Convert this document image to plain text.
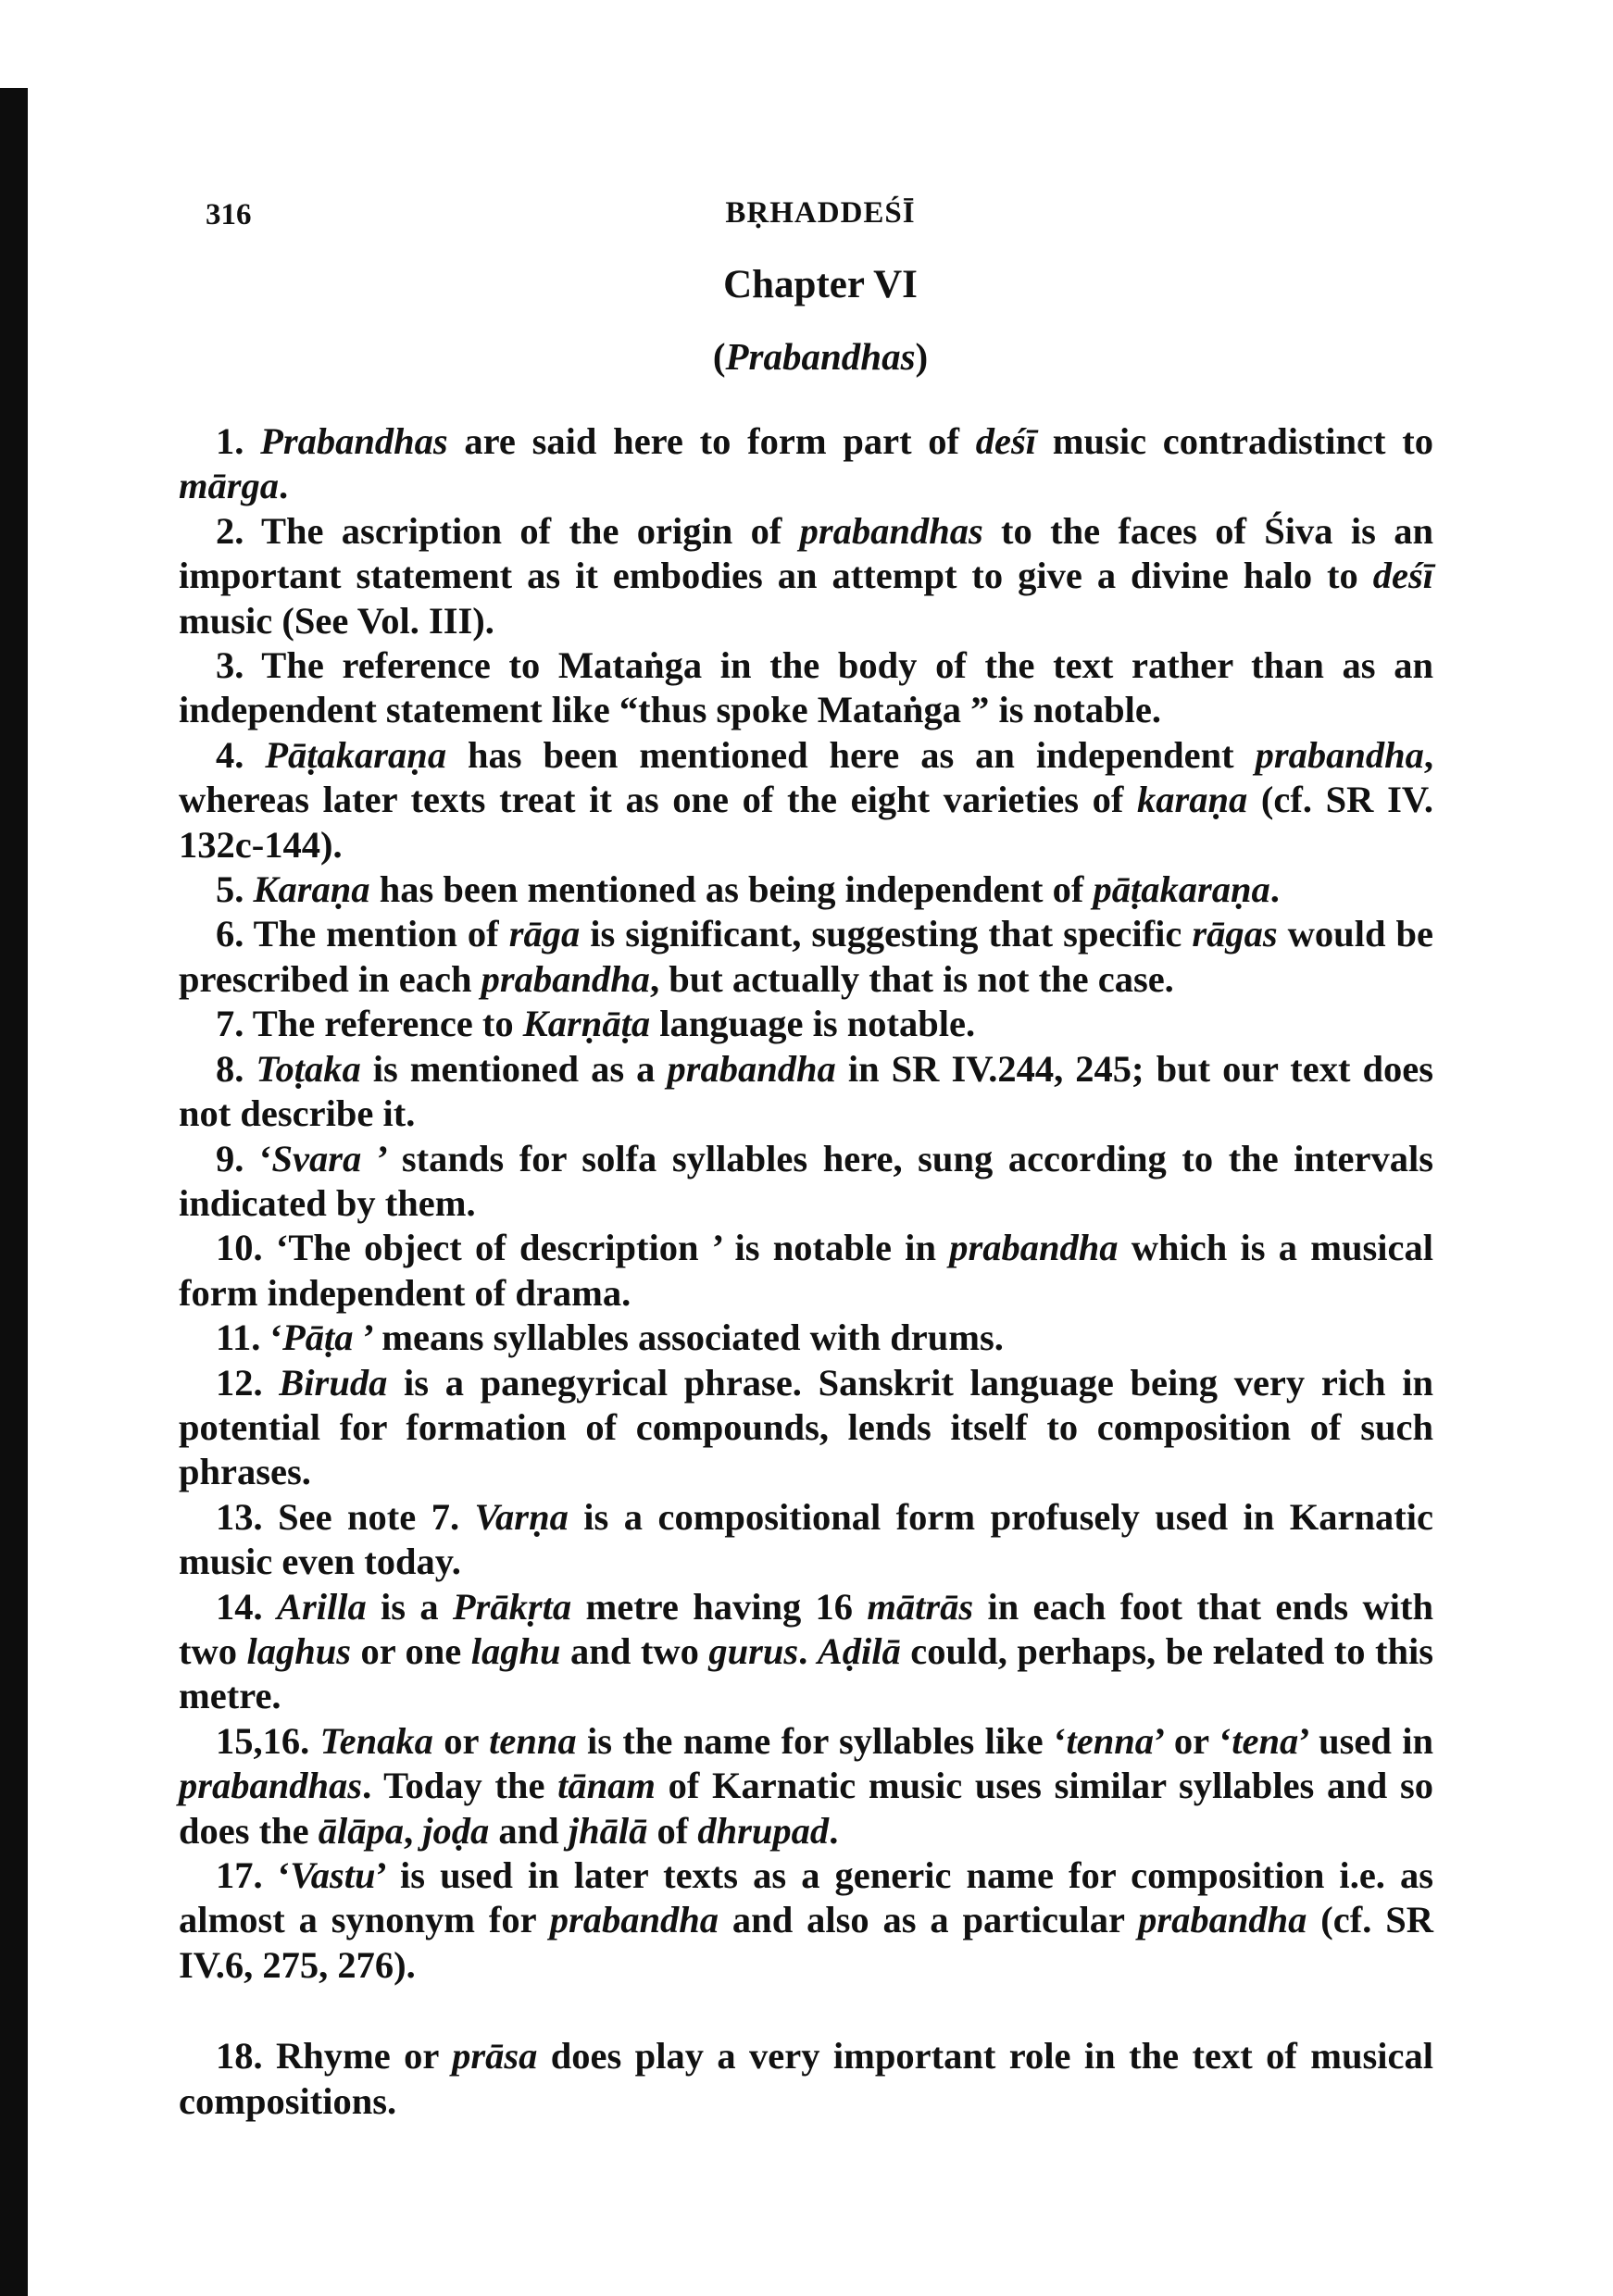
316	BṚHADDEŚĪ
Chapter VI
(Prabandhas)

1. Prabandhas are said here to form part of deśī music contradistinct to mārga.

2. The ascription of the origin of prabandhas to the faces of Śiva is an important statement as it embodies an attempt to give a divine halo to deśī music (See Vol. III).

3. The reference to Mataṅga in the body of the text rather than as an independent statement like “thus spoke Mataṅga ” is notable.

4. Pāṭakaraṇa has been mentioned here as an independent prabandha, whereas later texts treat it as one of the eight varieties of karaṇa (cf. SR IV. 132c-144).

5. Karaṇa has been mentioned as being independent of pāṭakaraṇa.

6. The mention of rāga is significant, suggesting that specific rāgas would be prescribed in each prabandha, but actually that is not the case.

7. The reference to Karṇāṭa language is notable.

8. Toṭaka is mentioned as a prabandha in SR IV.244, 245; but our text does not describe it.

9. ‘Svara ’ stands for solfa syllables here, sung according to the intervals indicated by them.

10. ‘The object of description ’ is notable in prabandha which is a musical form independent of drama.

11. ‘Pāṭa ’ means syllables associated with drums.

12. Biruda is a panegyrical phrase. Sanskrit language being very rich in potential for formation of compounds, lends itself to composition of such phrases.

13. See note 7. Varṇa is a compositional form profusely used in Karnatic music even today.

14. Arilla is a Prākṛta metre having 16 mātrās in each foot that ends with two laghus or one laghu and two gurus. Aḍilā could, perhaps, be related to this metre.

15,16. Tenaka or tenna is the name for syllables like ‘tenna’ or ‘tena’ used in prabandhas. Today the tānam of Karnatic music uses similar syllables and so does the ālāpa, joḍa and jhālā of dhrupad.

17. ‘Vastu’ is used in later texts as a generic name for composition i.e. as almost a synonym for prabandha and also as a particular prabandha (cf. SR IV.6, 275, 276).

18. Rhyme or prāsa does play a very important role in the text of musical compositions.
